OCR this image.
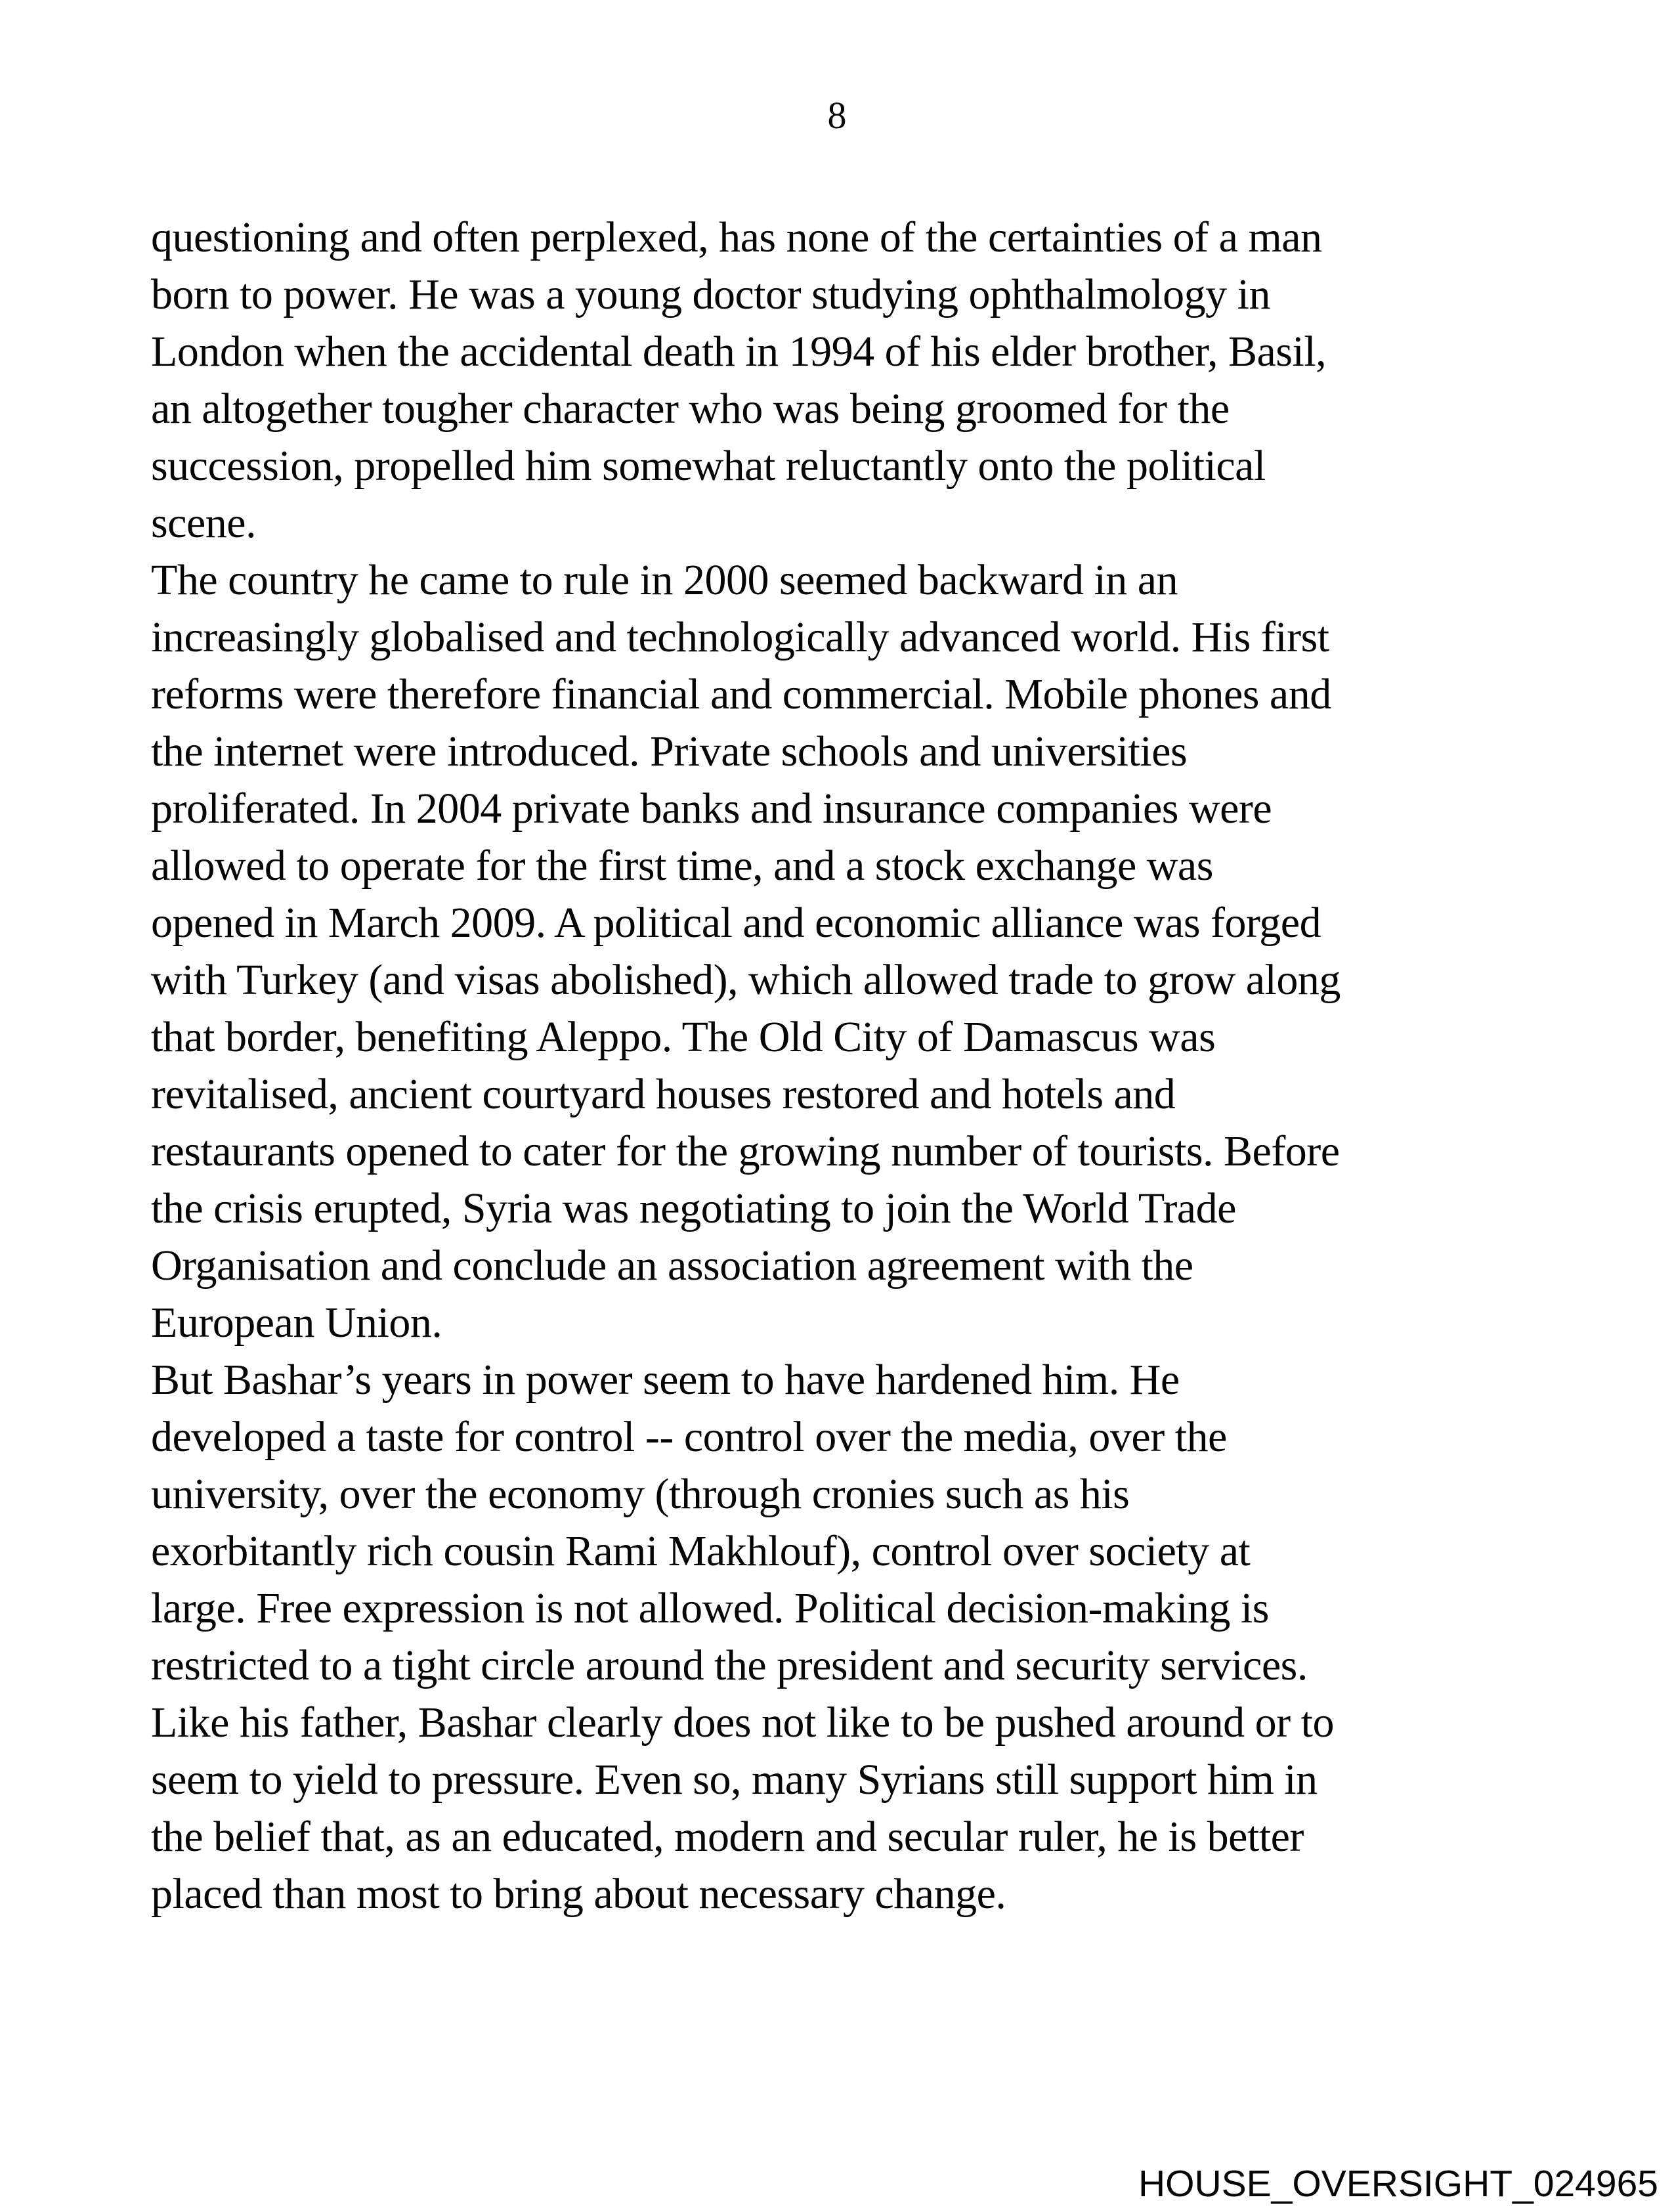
8
questioning and often perplexed, has none of the certainties of a man
born to power. He was a young doctor studying ophthalmology in
London when the accidental death in 1994 of his elder brother, Basil,
an altogether tougher character who was being groomed for the
succession, propelled him somewhat reluctantly onto the political
scene.
The country he came to rule in 2000 seemed backward in an
increasingly globalised and technologically advanced world. His first
reforms were therefore financial and commercial. Mobile phones and
the internet were introduced. Private schools and universities
proliferated. In 2004 private banks and insurance companies were
allowed to operate for the first time, and a stock exchange was
opened in March 2009. A political and economic alliance was forged
with Turkey (and visas abolished), which allowed trade to grow along
that border, benefiting Aleppo. The Old City of Damascus was
revitalised, ancient courtyard houses restored and hotels and
restaurants opened to cater for the growing number of tourists. Before
the crisis erupted, Syria was negotiating to join the World Trade
Organisation and conclude an association agreement with the
European Union.
But Bashar’s years in power seem to have hardened him. He
developed a taste for control -- control over the media, over the
university, over the economy (through cronies such as his
exorbitantly rich cousin Rami Makhlouf), control over society at
large. Free expression is not allowed. Political decision-making is
restricted to a tight circle around the president and security services.
Like his father, Bashar clearly does not like to be pushed around or to
seem to yield to pressure. Even so, many Syrians still support him in
the belief that, as an educated, modern and secular ruler, he is better
placed than most to bring about necessary change.
HOUSE_OVERSIGHT_024965
